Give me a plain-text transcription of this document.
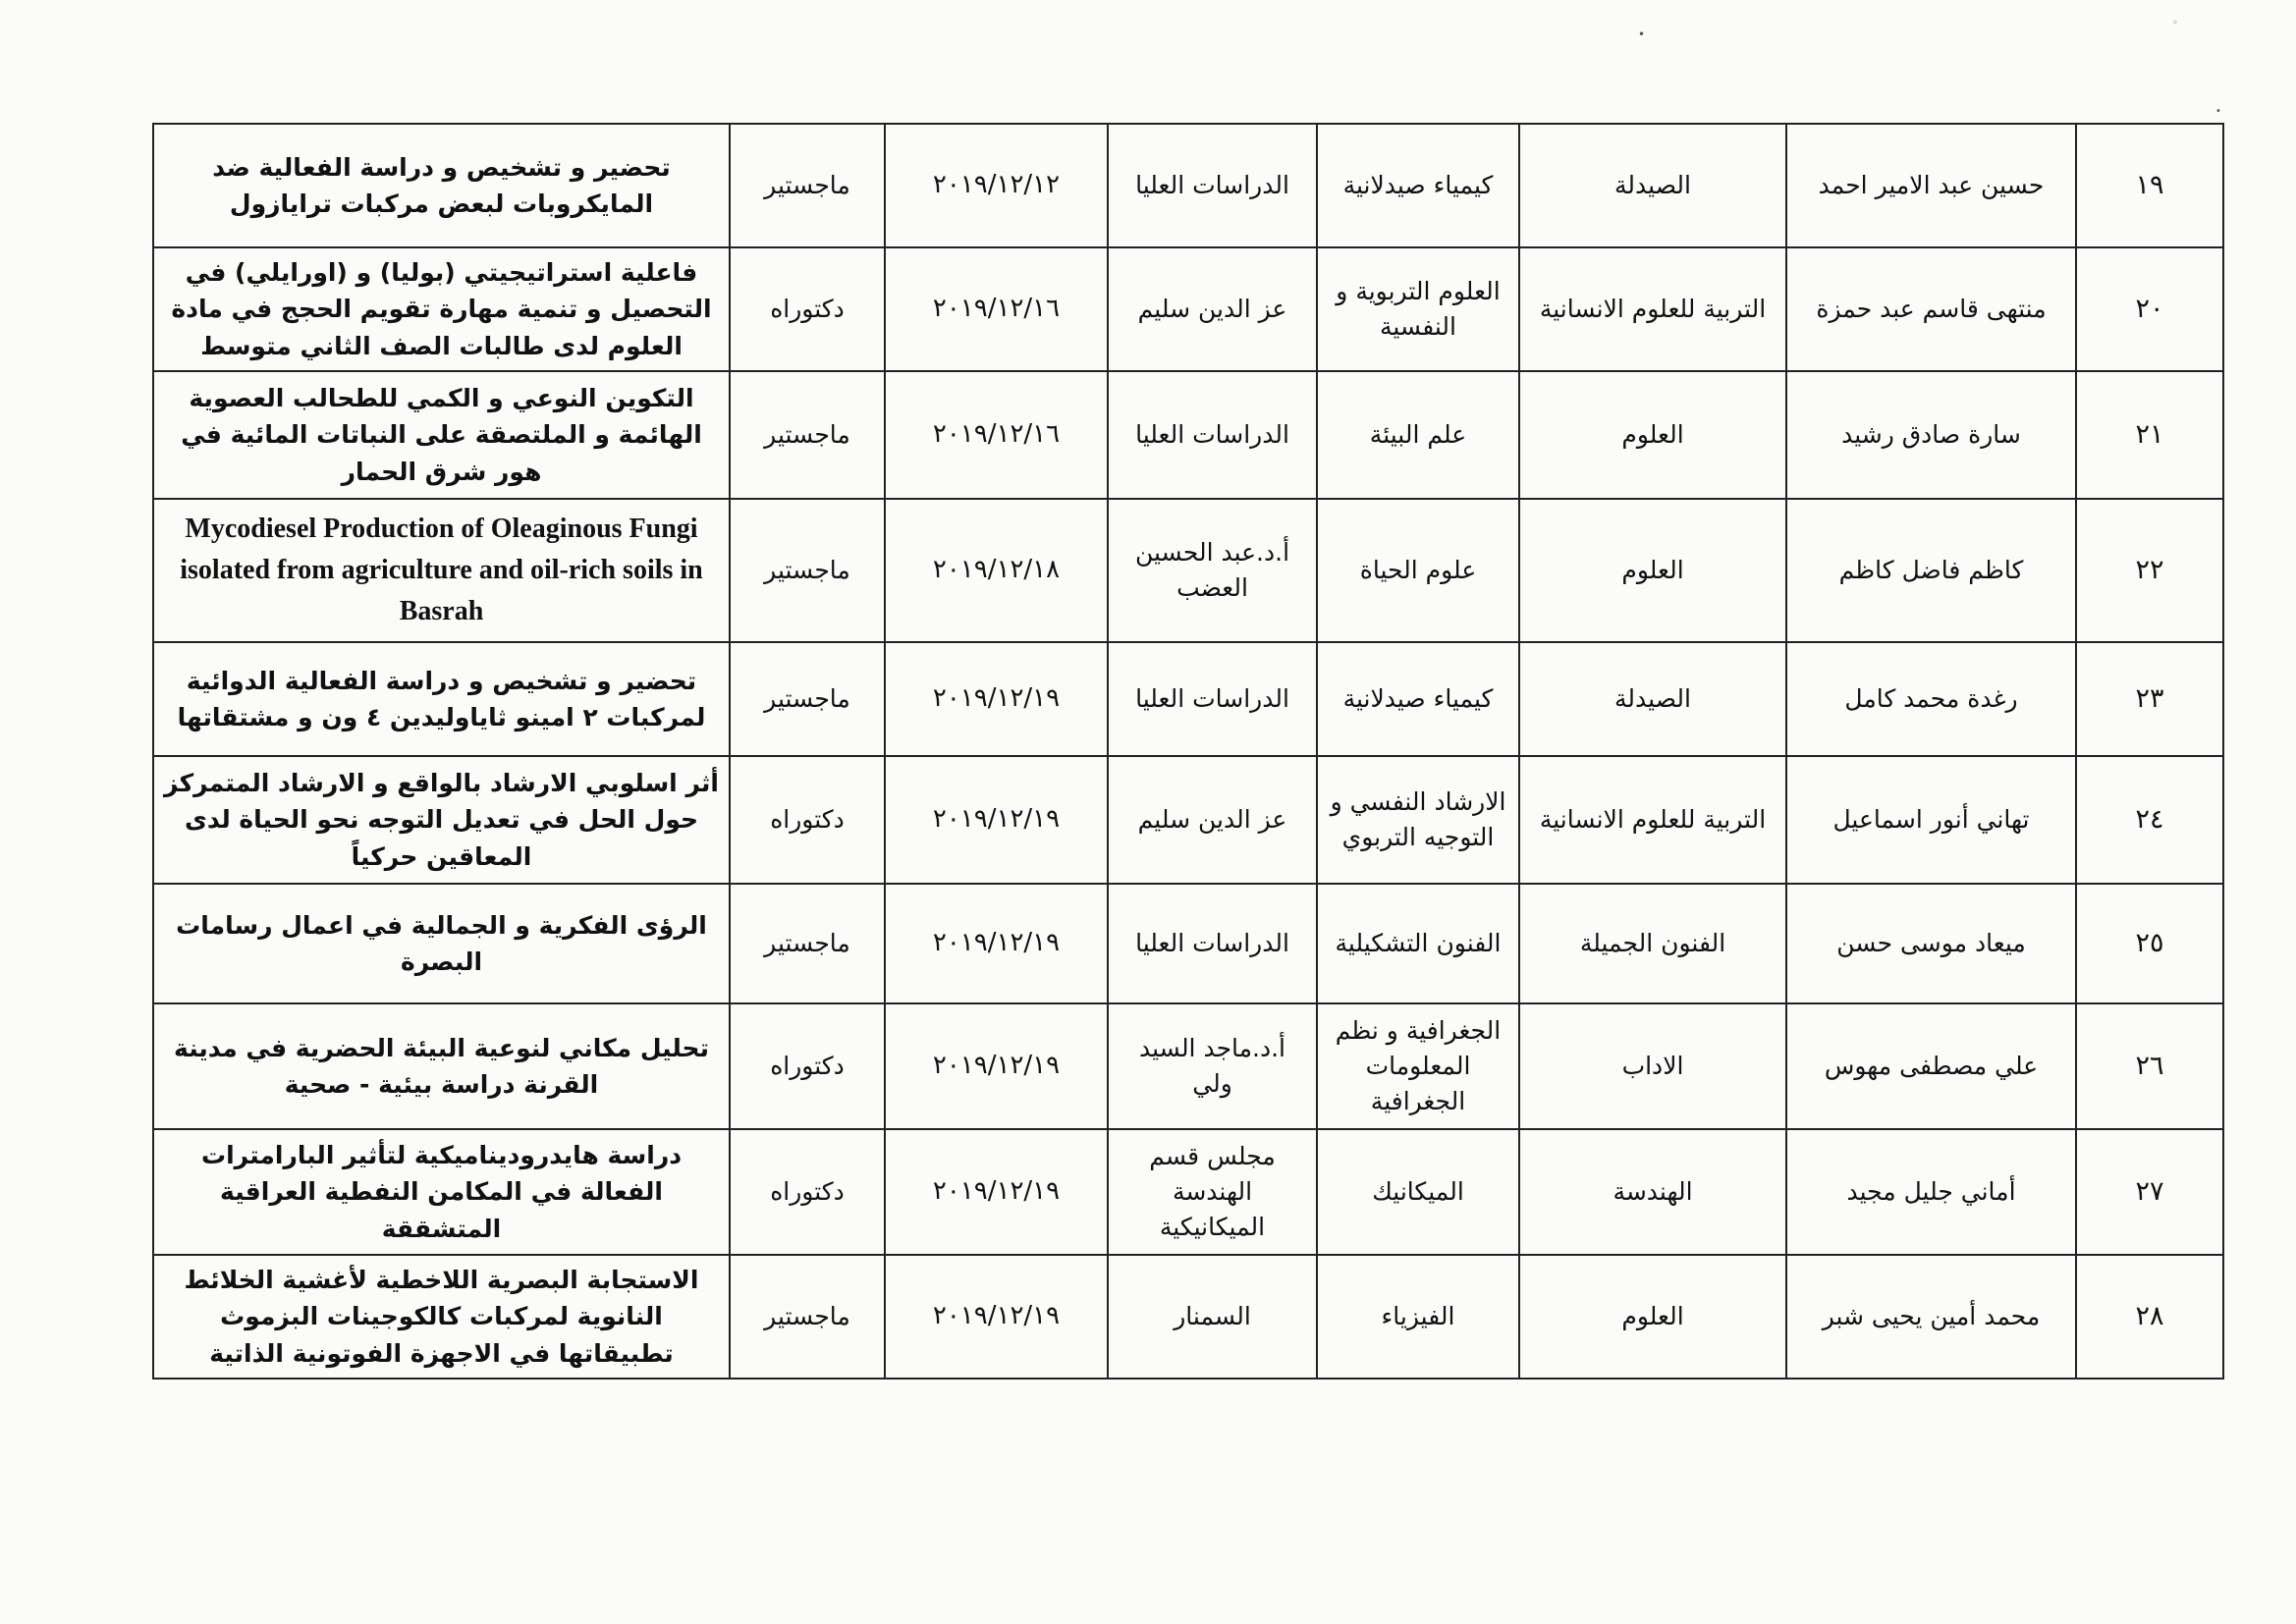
•
◦
•
١٩	حسين عبد الامير احمد	الصيدلة	كيمياء صيدلانية	الدراسات العليا	٢٠١٩/١٢/١٢	ماجستير	تحضير و تشخيص و دراسة الفعالية ضد المايكروبات لبعض مركبات ترايازول
٢٠	منتهى قاسم عبد حمزة	التربية للعلوم الانسانية	العلوم التربوية و النفسية	عز الدين سليم	٢٠١٩/١٢/١٦	دكتوراه	فاعلية استراتيجيتي (بوليا) و (اورايلي) في التحصيل و تنمية مهارة تقويم الحجج في مادة العلوم لدى طالبات الصف الثاني متوسط
٢١	سارة صادق رشيد	العلوم	علم البيئة	الدراسات العليا	٢٠١٩/١٢/١٦	ماجستير	التكوين النوعي و الكمي للطحالب العصوية الهائمة و الملتصقة على النباتات المائية في هور شرق الحمار
٢٢	كاظم فاضل كاظم	العلوم	علوم الحياة	أ.د.عبد الحسين العضب	٢٠١٩/١٢/١٨	ماجستير	Mycodiesel Production of Oleaginous Fungi isolated from agriculture and oil-rich soils in Basrah
٢٣	رغدة محمد كامل	الصيدلة	كيمياء صيدلانية	الدراسات العليا	٢٠١٩/١٢/١٩	ماجستير	تحضير و تشخيص و دراسة الفعالية الدوائية لمركبات ٢ امينو ثاياوليدين ٤ ون و مشتقاتها
٢٤	تهاني أنور اسماعيل	التربية للعلوم الانسانية	الارشاد النفسي و التوجيه التربوي	عز الدين سليم	٢٠١٩/١٢/١٩	دكتوراه	أثر اسلوبي الارشاد بالواقع و الارشاد المتمركز حول الحل في تعديل التوجه نحو الحياة لدى المعاقين حركياً
٢٥	ميعاد موسى حسن	الفنون الجميلة	الفنون التشكيلية	الدراسات العليا	٢٠١٩/١٢/١٩	ماجستير	الرؤى الفكرية و الجمالية في اعمال رسامات البصرة
٢٦	علي مصطفى مهوس	الاداب	الجغرافية و نظم المعلومات الجغرافية	أ.د.ماجد السيد ولي	٢٠١٩/١٢/١٩	دكتوراه	تحليل مكاني لنوعية البيئة الحضرية في مدينة القرنة دراسة بيئية - صحية
٢٧	أماني جليل مجيد	الهندسة	الميكانيك	مجلس قسم الهندسة الميكانيكية	٢٠١٩/١٢/١٩	دكتوراه	دراسة هايدروديناميكية لتأثير البارامترات الفعالة في المكامن النفطية العراقية المتشققة
٢٨	محمد أمين يحيى شبر	العلوم	الفيزياء	السمنار	٢٠١٩/١٢/١٩	ماجستير	الاستجابة البصرية اللاخطية لأغشية الخلائط النانوية لمركبات كالكوجينات البزموث تطبيقاتها في الاجهزة الفوتونية الذاتية
